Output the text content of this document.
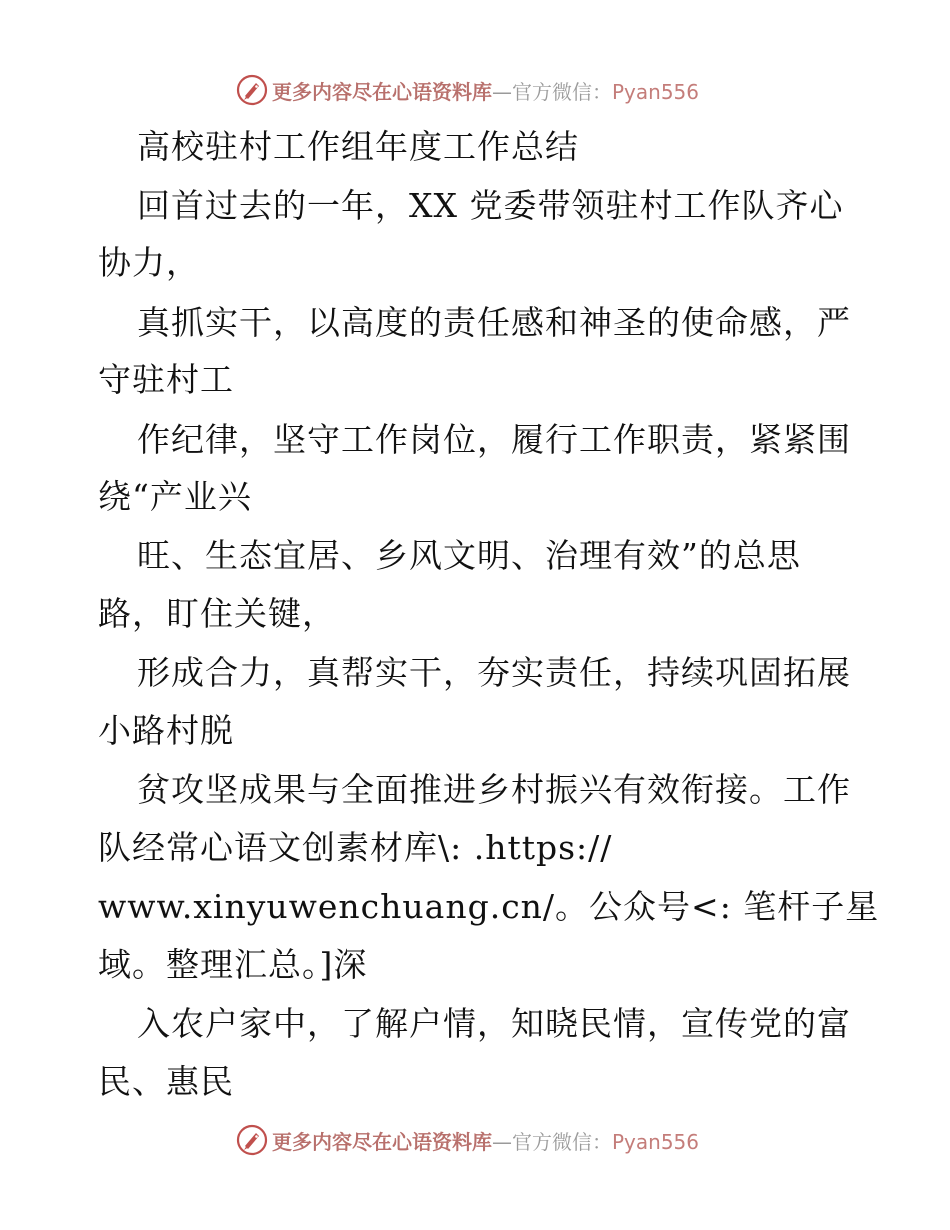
更多内容尽在心语资料库—官方微信：Pyan556
高校驻村工作组年度工作总结
回首过去的一年，XX 党委带领驻村工作队齐心
协力，
真抓实干，以高度的责任感和神圣的使命感，严
守驻村工
作纪律，坚守工作岗位，履行工作职责，紧紧围
绕“产业兴
旺、生态宜居、乡风文明、治理有效”的总思
路，盯住关键，
形成合力，真帮实干，夯实责任，持续巩固拓展
小路村脱
贫攻坚成果与全面推进乡村振兴有效衔接。工作
队经常心语文创素材库\: .https://
www.xinyuwenchuang.cn/。公众号<: 笔杆子星
域。整理汇总。]深
入农户家中，了解户情，知晓民情，宣传党的富
民、惠民
更多内容尽在心语资料库—官方微信：Pyan556
